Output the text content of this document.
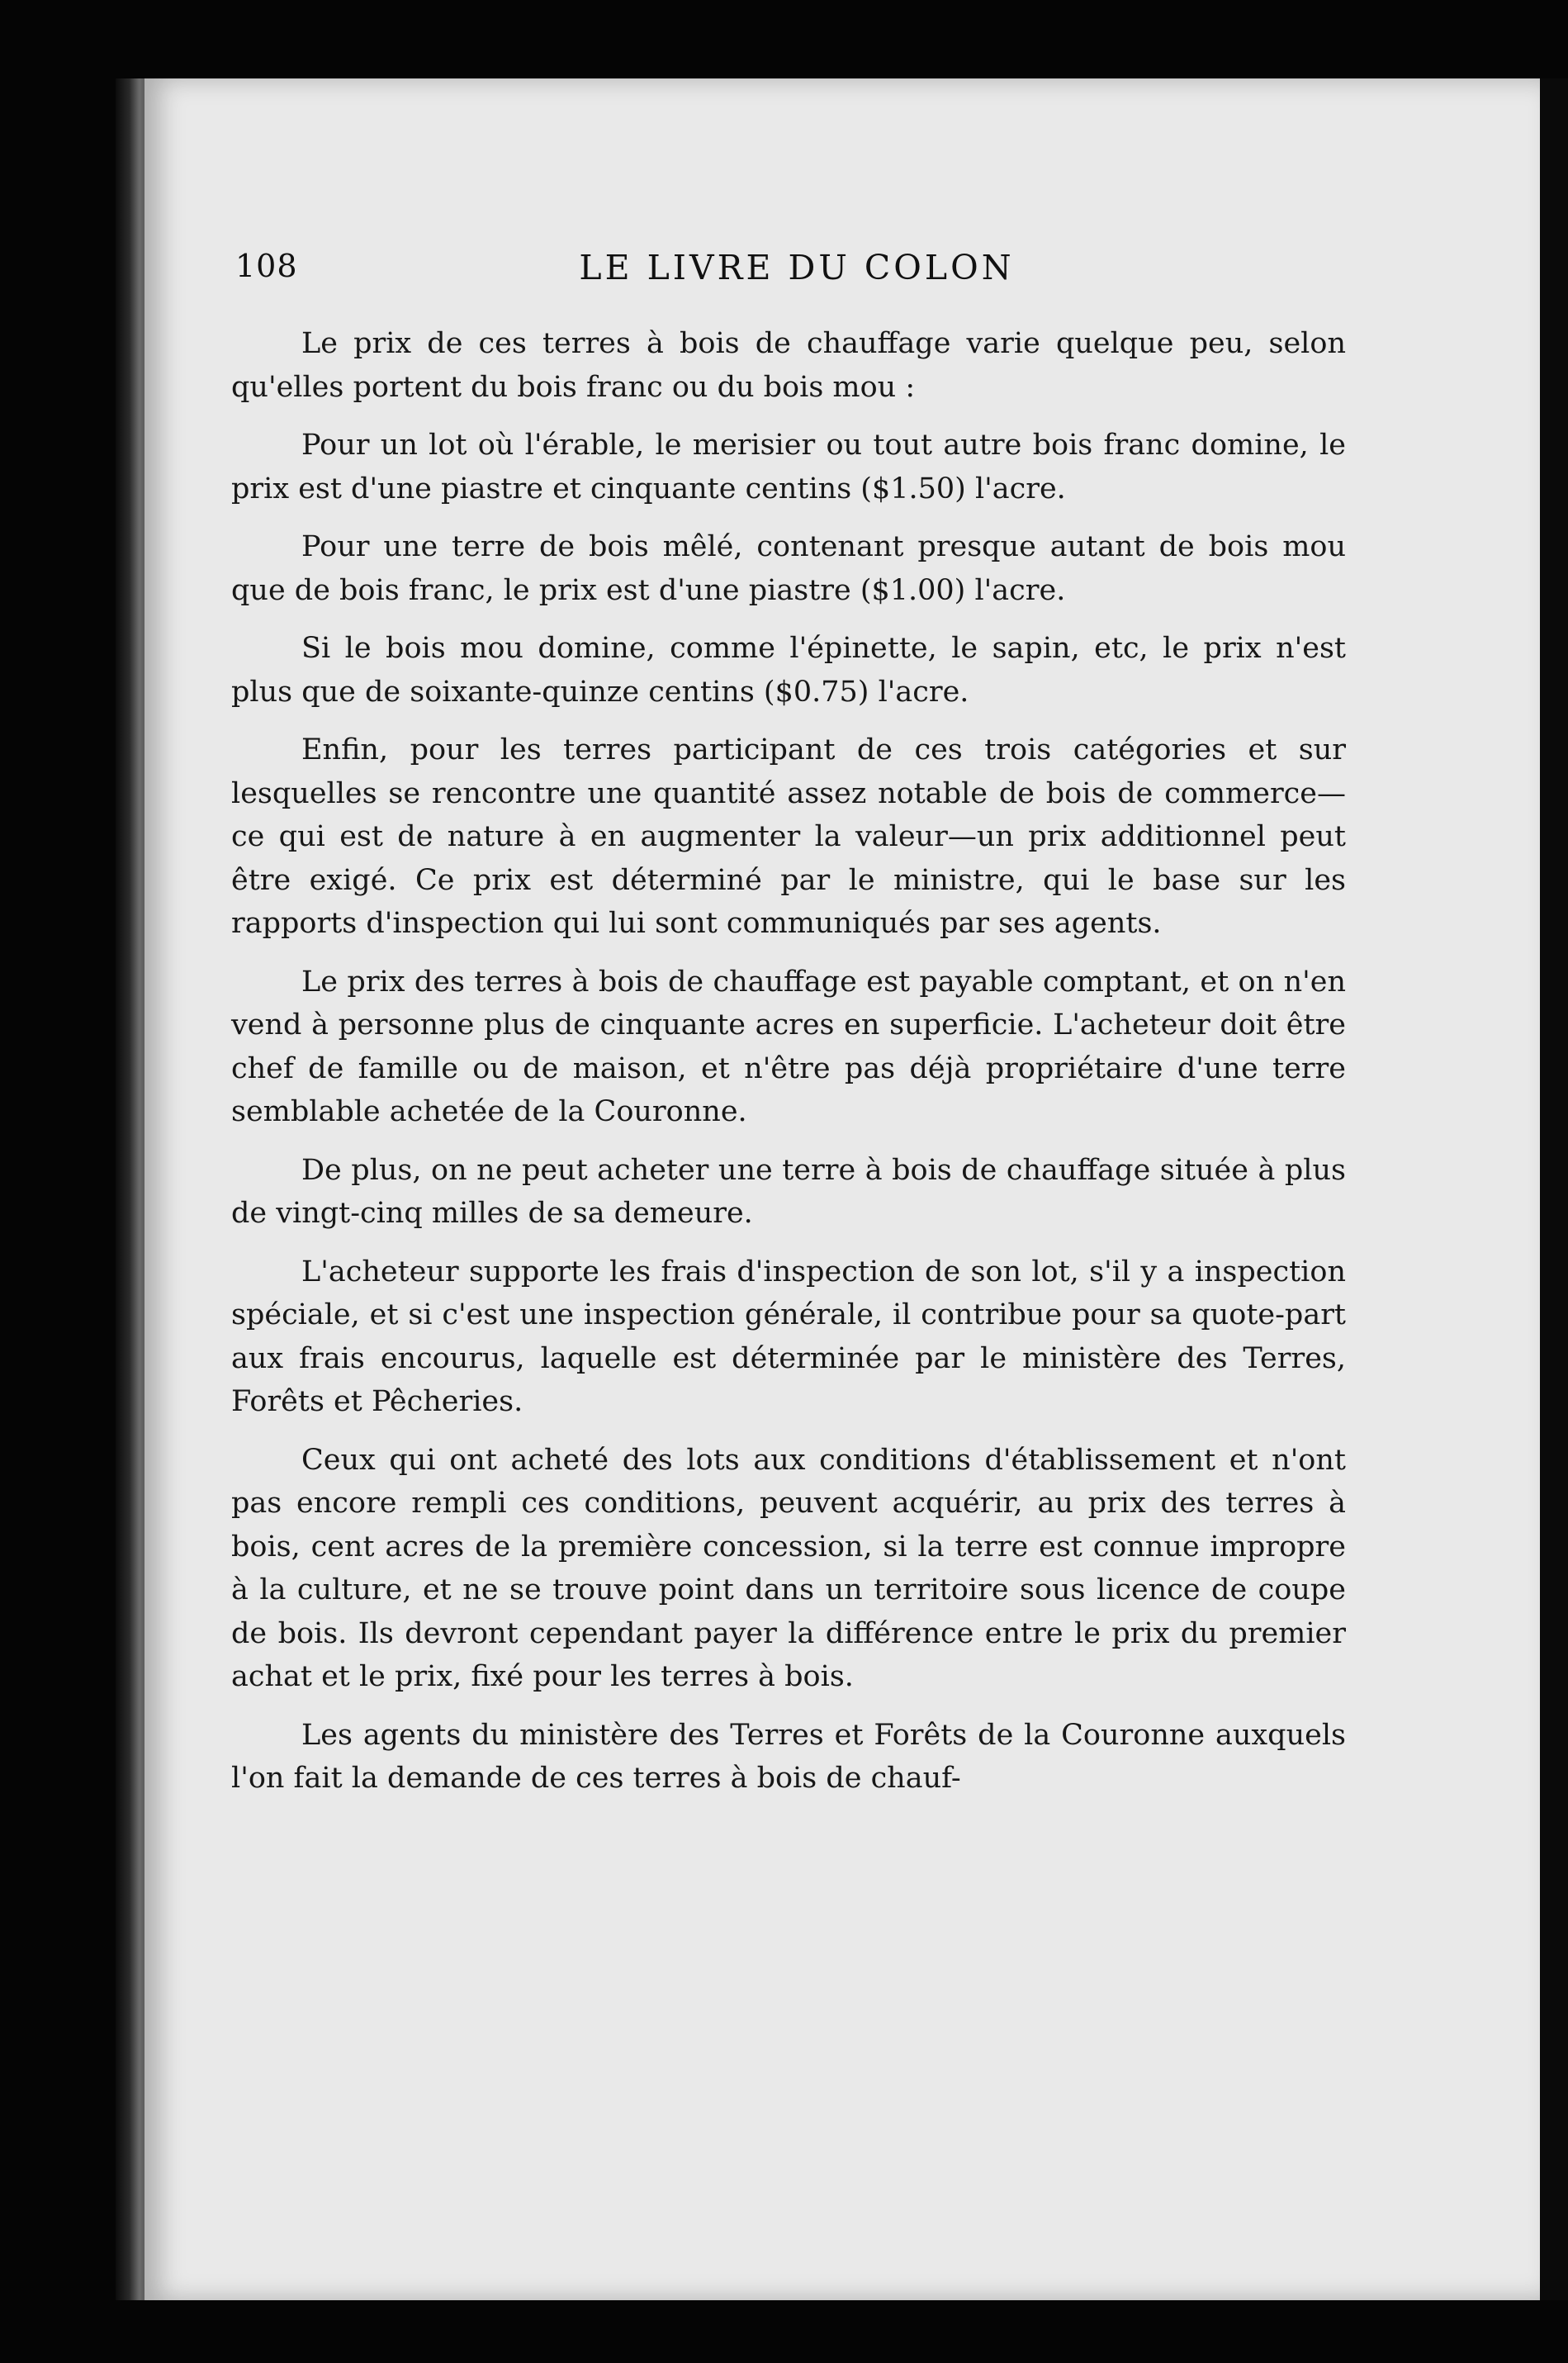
108	LE LIVRE DU COLON

Le prix de ces terres à bois de chauffage varie quelque peu, selon qu'elles portent du bois franc ou du bois mou :

Pour un lot où l'érable, le merisier ou tout autre bois franc domine, le prix est d'une piastre et cinquante centins ($1.50) l'acre.

Pour une terre de bois mêlé, contenant presque autant de bois mou que de bois franc, le prix est d'une piastre ($1.00) l'acre.

Si le bois mou domine, comme l'épinette, le sapin, etc, le prix n'est plus que de soixante-quinze centins ($0.75) l'acre.

Enfin, pour les terres participant de ces trois catégories et sur lesquelles se rencontre une quantité assez notable de bois de commerce—ce qui est de nature à en augmenter la valeur—un prix additionnel peut être exigé. Ce prix est déterminé par le ministre, qui le base sur les rapports d'inspection qui lui sont communiqués par ses agents.

Le prix des terres à bois de chauffage est payable comptant, et on n'en vend à personne plus de cinquante acres en superficie. L'acheteur doit être chef de famille ou de maison, et n'être pas déjà propriétaire d'une terre semblable achetée de la Couronne.

De plus, on ne peut acheter une terre à bois de chauffage située à plus de vingt-cinq milles de sa demeure.

L'acheteur supporte les frais d'inspection de son lot, s'il y a inspection spéciale, et si c'est une inspection générale, il contribue pour sa quote-part aux frais encourus, laquelle est déterminée par le ministère des Terres, Forêts et Pêcheries.

Ceux qui ont acheté des lots aux conditions d'établissement et n'ont pas encore rempli ces conditions, peuvent acquérir, au prix des terres à bois, cent acres de la première concession, si la terre est connue impropre à la culture, et ne se trouve point dans un territoire sous licence de coupe de bois. Ils devront cependant payer la différence entre le prix du premier achat et le prix, fixé pour les terres à bois.

Les agents du ministère des Terres et Forêts de la Couronne auxquels l'on fait la demande de ces terres à bois de chauf-
